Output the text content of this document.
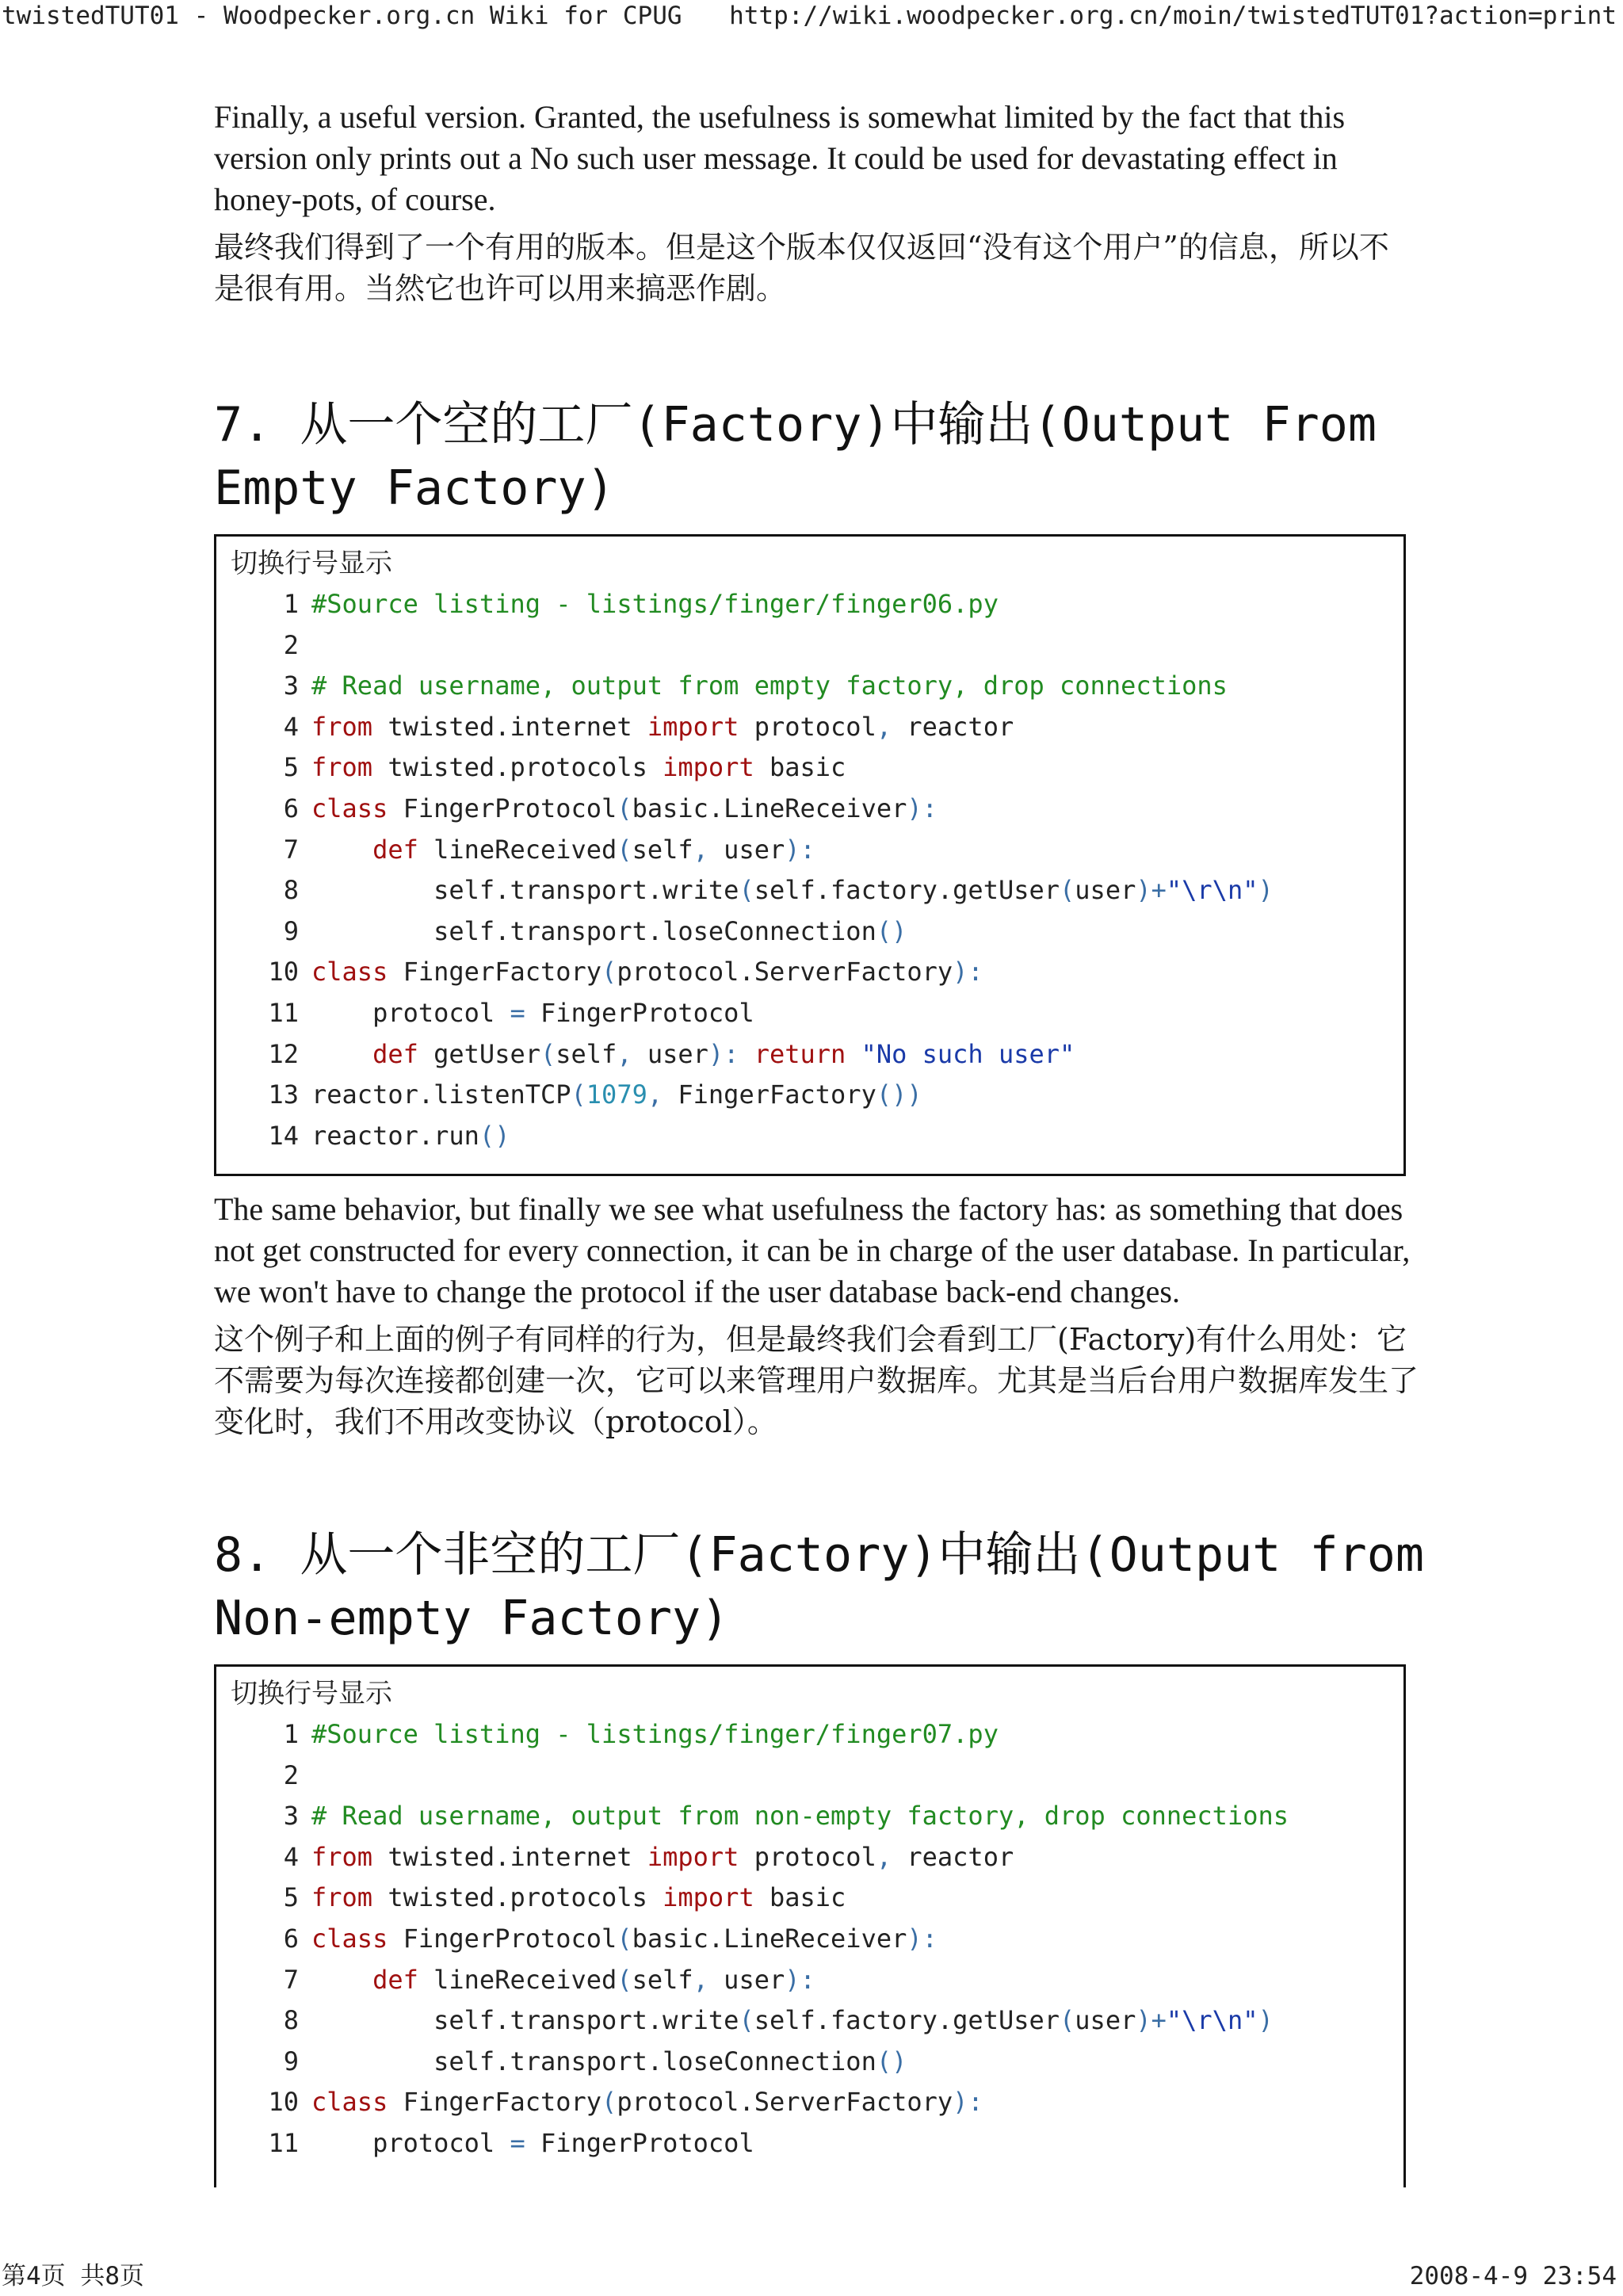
twistedTUT01 - Woodpecker.org.cn Wiki for CPUG http://wiki.woodpecker.org.cn/moin/twistedTUT01?action=print
Finally, a useful version. Granted, the usefulness is somewhat limited by the fact that this version only prints out a No such user message. It could be used for devastating effect in honey-pots, of course.
最终我们得到了一个有用的版本。但是这个版本仅仅返回“没有这个用户”的信息，所以不是很有用。当然它也许可以用来搞恶作剧。
7. 从一个空的工厂(Factory)中输出(Output From Empty Factory)
切换行号显示
1 #Source listing - listings/finger/finger06.py
2
3 # Read username, output from empty factory, drop connections
4 from twisted.internet import protocol, reactor
5 from twisted.protocols import basic
6 class FingerProtocol(basic.LineReceiver):
7	def lineReceived(self, user):
8        self.transport.write(self.factory.getUser(user)+"\r\n")
9        self.transport.loseConnection()
10 class FingerFactory(protocol.ServerFactory):
11    protocol = FingerProtocol
12	def getUser(self, user): return "No such user"
13 reactor.listenTCP(1079, FingerFactory())
14 reactor.run()
The same behavior, but finally we see what usefulness the factory has: as something that does not get constructed for every connection, it can be in charge of the user database. In particular, we won't have to change the protocol if the user database back-end changes.
这个例子和上面的例子有同样的行为，但是最终我们会看到工厂(Factory)有什么用处：它不需要为每次连接都创建一次，它可以来管理用户数据库。尤其是当后台用户数据库发生了变化时，我们不用改变协议（protocol）。
8. 从一个非空的工厂(Factory)中输出(Output from Non-empty Factory)
切换行号显示
1 #Source listing - listings/finger/finger07.py
2
3 # Read username, output from non-empty factory, drop connections
4 from twisted.internet import protocol, reactor
5 from twisted.protocols import basic
6 class FingerProtocol(basic.LineReceiver):
7	def lineReceived(self, user):
8        self.transport.write(self.factory.getUser(user)+"\r\n")
9        self.transport.loseConnection()
10 class FingerFactory(protocol.ServerFactory):
11    protocol = FingerProtocol
第4页 共8页	2008-4-9 23:54
